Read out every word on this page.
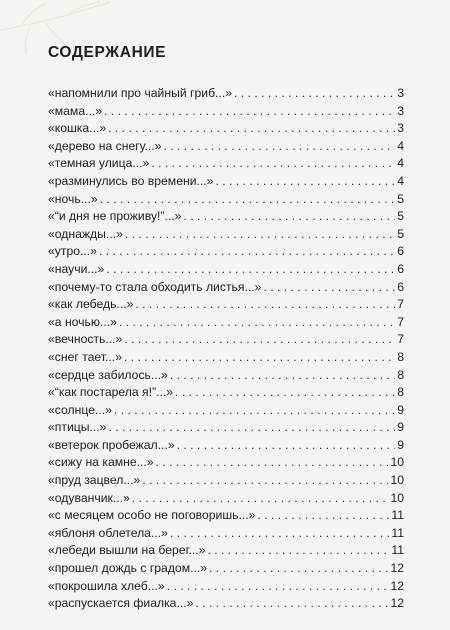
СОДЕРЖАНИЕ
«напомнили про чайный гриб...» . . .	3
«мама...» . . .	3
«кошка...» . . .	3
«дерево на снегу...» . . .	4
«темная улица...» . . .	4
«разминулись во времени...» . . .	4
«ночь...» . . .	5
«“и дня не проживу!”...» . . .	5
«однажды...» . . .	5
«утро...» . . .	6
«научи...» . . .	6
«почему-то стала обходить листья...» . . .	6
«как лебедь...» . . .	7
«а ночью...» . . .	7
«вечность...» . . .	7
«снег тает...» . . .	8
«сердце забилось...» . . .	8
«“как постарела я!”...» . . .	8
«солнце...» . . .	9
«птицы...» . . .	9
«ветерок пробежал...» . . .	9
«сижу на камне...» . . .	10
«пруд зацвел...» . . .	10
«одуванчик...» . . .	10
«с месяцем особо не поговоришь...» . . .	11
«яблоня облетела...» . . .	11
«лебеди вышли на берег...» . . .	11
«прошел дождь с градом...» . . .	12
«покрошила хлеб...» . . .	12
«распускается фиалка...» . . .	12
